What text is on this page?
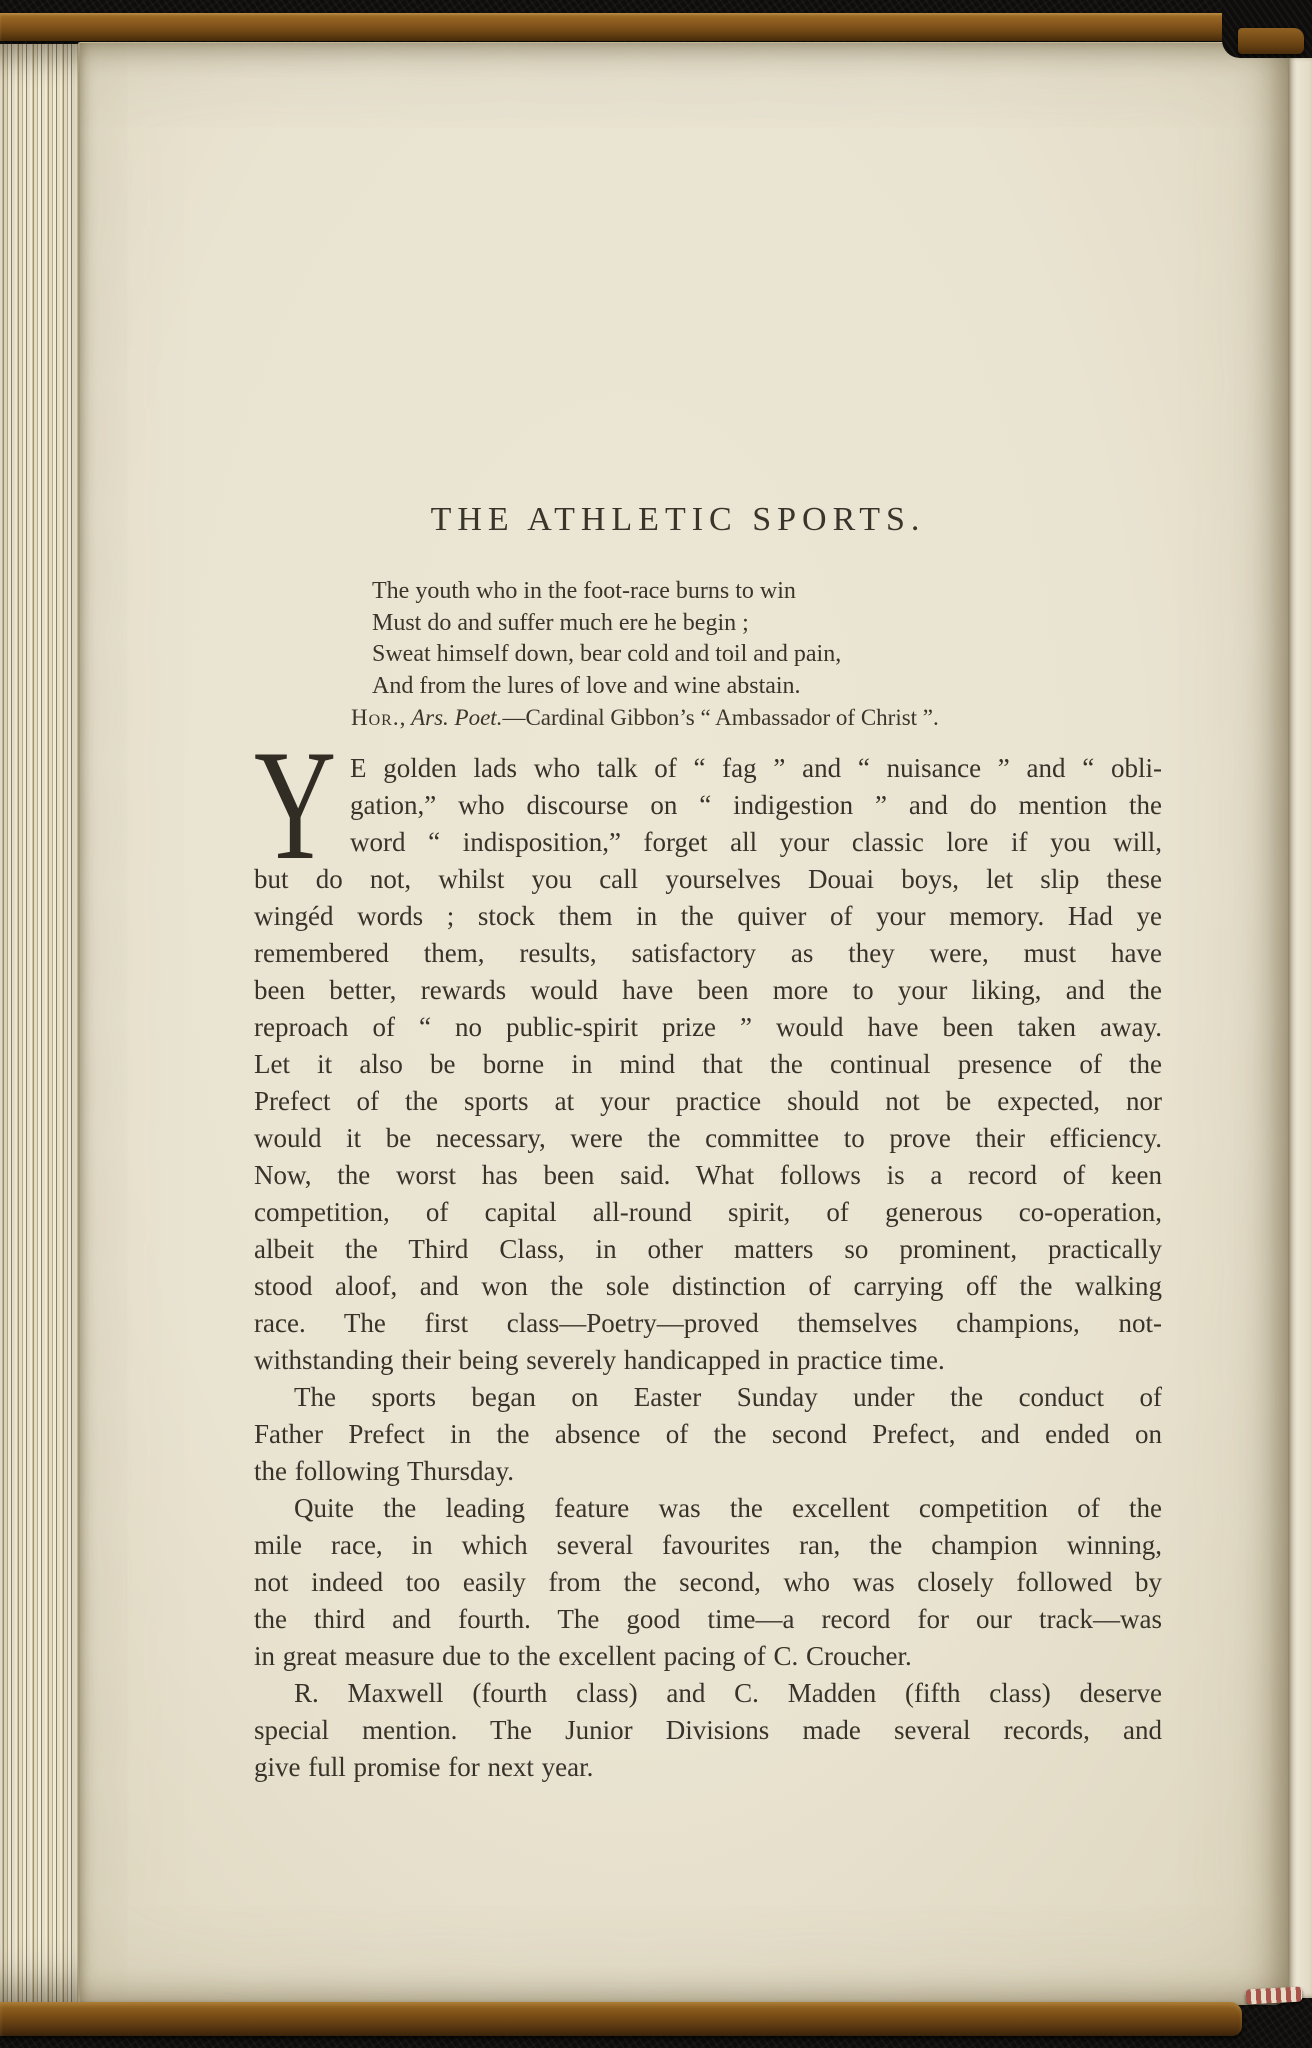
THE ATHLETIC SPORTS.
The youth who in the foot-race burns to win
Must do and suffer much ere he begin ;
Sweat himself down, bear cold and toil and pain,
And from the lures of love and wine abstain.
Hor., Ars. Poet.—Cardinal Gibbon’s “ Ambassador of Christ ”.
Y E golden lads who talk of “ fag ” and “ nuisance ” and “ obli-
gation,” who discourse on “ indigestion ” and do mention the
word “ indisposition,” forget all your classic lore if you will,
but do not, whilst you call yourselves Douai boys, let slip these
wingéd words ; stock them in the quiver of your memory. Had ye
remembered them, results, satisfactory as they were, must have
been better, rewards would have been more to your liking, and the
reproach of “ no public-spirit prize ” would have been taken away.
Let it also be borne in mind that the continual presence of the
Prefect of the sports at your practice should not be expected, nor
would it be necessary, were the committee to prove their efficiency.
Now, the worst has been said. What follows is a record of keen
competition, of capital all-round spirit, of generous co-operation,
albeit the Third Class, in other matters so prominent, practically
stood aloof, and won the sole distinction of carrying off the walking
race. The first class—Poetry—proved themselves champions, not-
withstanding their being severely handicapped in practice time.
The sports began on Easter Sunday under the conduct of
Father Prefect in the absence of the second Prefect, and ended on
the following Thursday.
Quite the leading feature was the excellent competition of the
mile race, in which several favourites ran, the champion winning,
not indeed too easily from the second, who was closely followed by
the third and fourth. The good time—a record for our track—was
in great measure due to the excellent pacing of C. Croucher.
R. Maxwell (fourth class) and C. Madden (fifth class) deserve
special mention. The Junior Divisions made several records, and
give full promise for next year.
